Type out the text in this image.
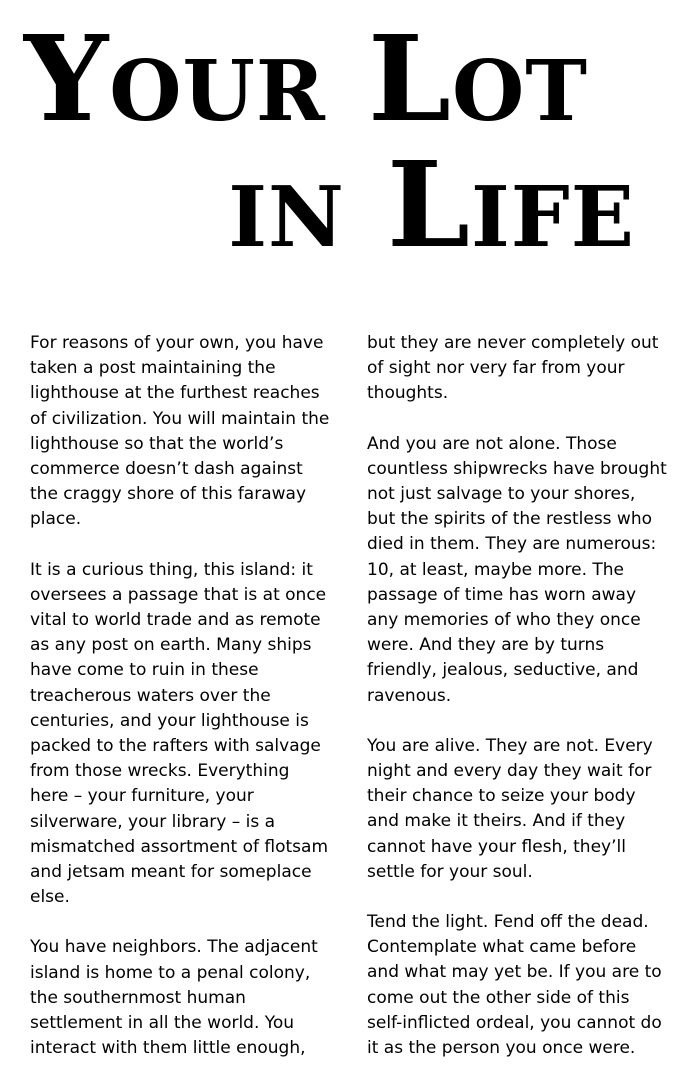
Your Lot
in Life

For reasons of your own, you have taken a post maintaining the lighthouse at the furthest reaches of civilization. You will maintain the lighthouse so that the world’s commerce doesn’t dash against the craggy shore of this faraway place.

It is a curious thing, this island: it oversees a passage that is at once vital to world trade and as remote as any post on earth. Many ships have come to ruin in these treacherous waters over the centuries, and your lighthouse is packed to the rafters with salvage from those wrecks. Everything here – your furniture, your silverware, your library – is a mismatched assortment of flotsam and jetsam meant for someplace else.

You have neighbors. The adjacent island is home to a penal colony, the southernmost human settlement in all the world. You interact with them little enough,

but they are never completely out of sight nor very far from your thoughts.

And you are not alone. Those countless shipwrecks have brought not just salvage to your shores, but the spirits of the restless who died in them. They are numerous: 10, at least, maybe more. The passage of time has worn away any memories of who they once were. And they are by turns friendly, jealous, seductive, and ravenous.

You are alive. They are not. Every night and every day they wait for their chance to seize your body and make it theirs. And if they cannot have your flesh, they’ll settle for your soul.

Tend the light. Fend off the dead. Contemplate what came before and what may yet be. If you are to come out the other side of this self-inflicted ordeal, you cannot do it as the person you once were.
